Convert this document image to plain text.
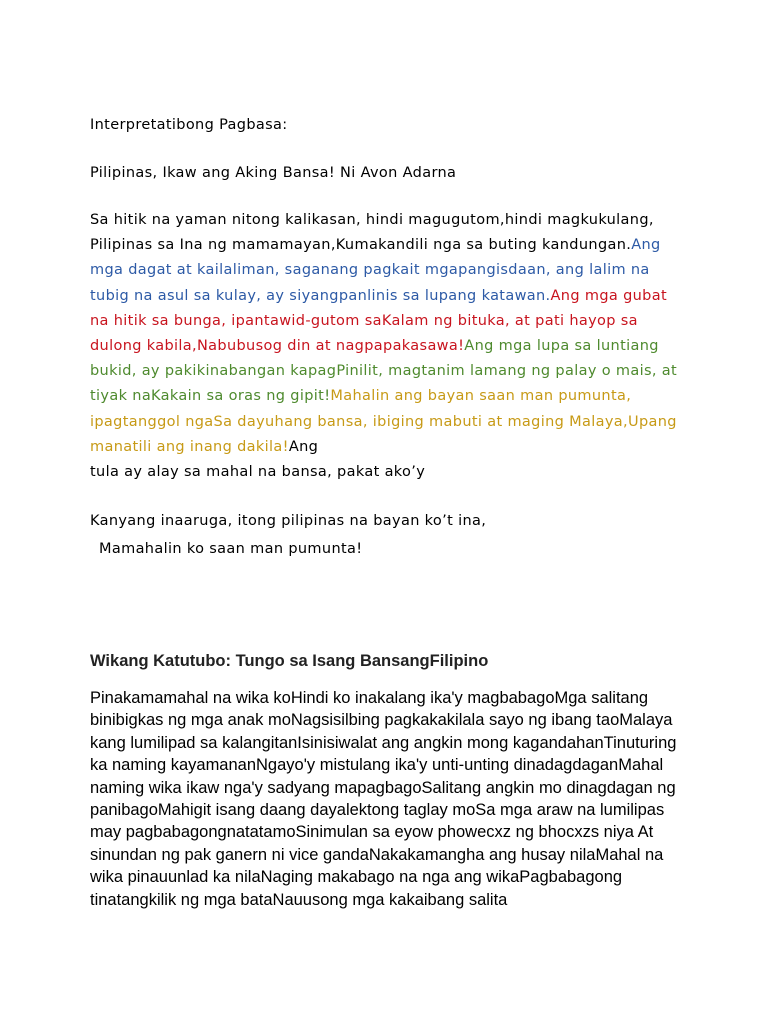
Interpretatibong Pagbasa:

Pilipinas, Ikaw ang Aking Bansa! Ni Avon Adarna

Sa hitik na yaman nitong kalikasan, hindi magugutom,hindi magkukulang, Pilipinas sa Ina ng mamamayan,Kumakandili nga sa buting kandungan.Ang mga dagat at kailaliman, saganang pagkait mgapangisdaan, ang lalim na tubig na asul sa kulay, ay siyangpanlinis sa lupang katawan.Ang mga gubat na hitik sa bunga, ipantawid-gutom saKalam ng bituka, at pati hayop sa dulong kabila,Nabubusog din at nagpapakasawa!Ang mga lupa sa luntiang bukid, ay pakikinabangan kapagPinilit, magtanim lamang ng palay o mais, at tiyak naKakain sa oras ng gipit!Mahalin ang bayan saan man pumunta, ipagtanggol ngaSa dayuhang bansa, ibiging mabuti at maging Malaya,Upang manatili ang inang dakila!Ang
tula ay alay sa mahal na bansa, pakat ako’y

Kanyang inaaruga, itong pilipinas na bayan ko’t ina,

Mamahalin ko saan man pumunta!

Wikang Katutubo: Tungo sa Isang BansangFilipino

Pinakamamahal na wika koHindi ko inakalang ika'y magbabagoMga salitang binibigkas ng mga anak moNagsisilbing pagkakakilala sayo ng ibang taoMalaya kang lumilipad sa kalangitanIsinisiwalat ang angkin mong kagandahanTinuturing ka naming kayamananNgayo'y mistulang ika'y unti-unting dinadagdaganMahal naming wika ikaw nga'y sadyang mapagbagoSalitang angkin mo dinagdagan ng panibagoMahigit isang daang dayalektong taglay moSa mga araw na lumilipas may pagbabagongnatatamoSinimulan sa eyow phowecxz ng bhocxzs niya At sinundan ng pak ganern ni vice gandaNakakamangha ang husay nilaMahal na wika pinauunlad ka nilaNaging makabago na nga ang wikaPagbabagong tinatangkilik ng mga bataNauusong mga kakaibang salita
